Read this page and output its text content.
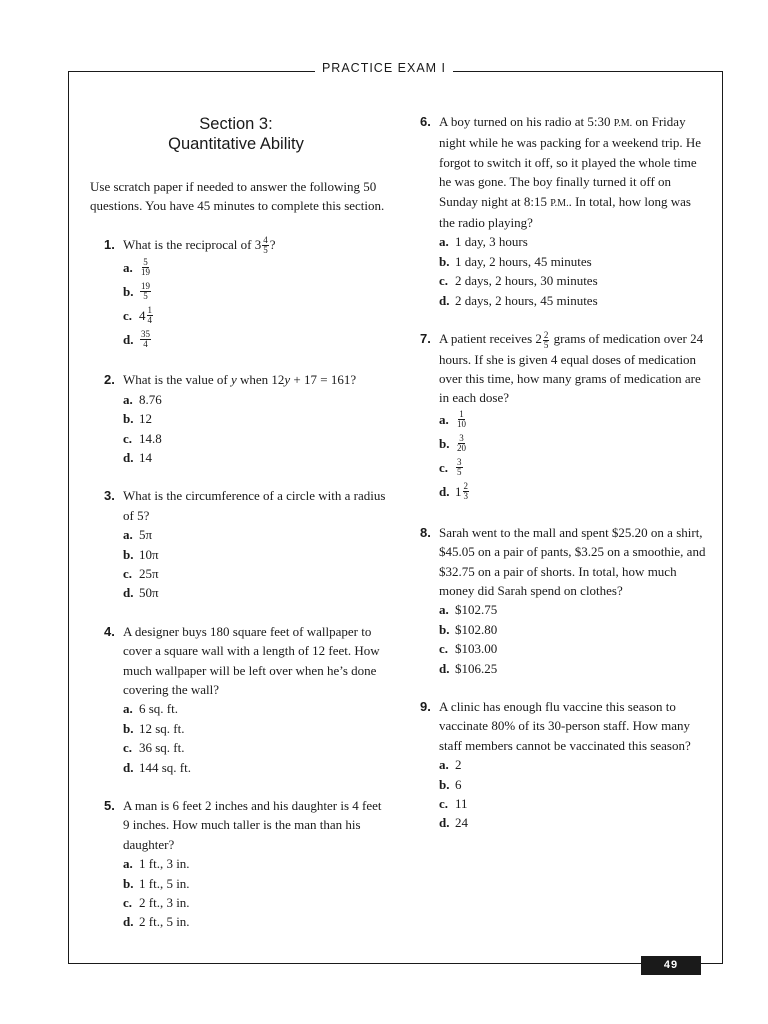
PRACTICE EXAM I
49
Section 3:
Quantitative Ability

Use scratch paper if needed to answer the following 50 questions. You have 45 minutes to complete this section.

1. What is the reciprocal of $3 \frac{4}{5}$ ?
a. $\frac{5}{19}$
b. $\frac{19}{5}$
c. $4 \frac{1}{4}$
d. $\frac{35}{4}$
2. What is the value of y when 12y + 17 = 161?
a. 8.76
b. 12
c. 14.8
d. 14
3. What is the circumference of a circle with a radius of 5?
a. 5π
b. 10π
c. 25π
d. 50π
4. A designer buys 180 square feet of wallpaper to cover a square wall with a length of 12 feet. How much wallpaper will be left over when he’s done covering the wall?
a. 6 sq. ft.
b. 12 sq. ft.
c. 36 sq. ft.
d. 144 sq. ft.
5. A man is 6 feet 2 inches and his daughter is 4 feet 9 inches. How much taller is the man than his daughter?
a. 1 ft., 3 in.
b. 1 ft., 5 in.
c. 2 ft., 3 in.
d. 2 ft., 5 in.
6. A boy turned on his radio at 5:30 P.M. on Friday night while he was packing for a weekend trip. He forgot to switch it off, so it played the whole time he was gone. The boy finally turned it off on Sunday night at 8:15 P.M.. In total, how long was the radio playing?
a. 1 day, 3 hours
b. 1 day, 2 hours, 45 minutes
c. 2 days, 2 hours, 30 minutes
d. 2 days, 2 hours, 45 minutes
7. A patient receives $2 \frac{2}{5}$ grams of medication over 24 hours. If she is given 4 equal doses of medication over this time, how many grams of medication are in each dose?
a. $\frac{1}{10}$
b. $\frac{3}{20}$
c. $\frac{3}{5}$
d. $1 \frac{2}{3}$
8. Sarah went to the mall and spent $25.20 on a shirt, $45.05 on a pair of pants, $3.25 on a smoothie, and $32.75 on a pair of shorts. In total, how much money did Sarah spend on clothes?
a. $102.75
b. $102.80
c. $103.00
d. $106.25
9. A clinic has enough flu vaccine this season to vaccinate 80% of its 30-person staff. How many staff members cannot be vaccinated this season?
a. 2
b. 6
c. 11
d. 24
